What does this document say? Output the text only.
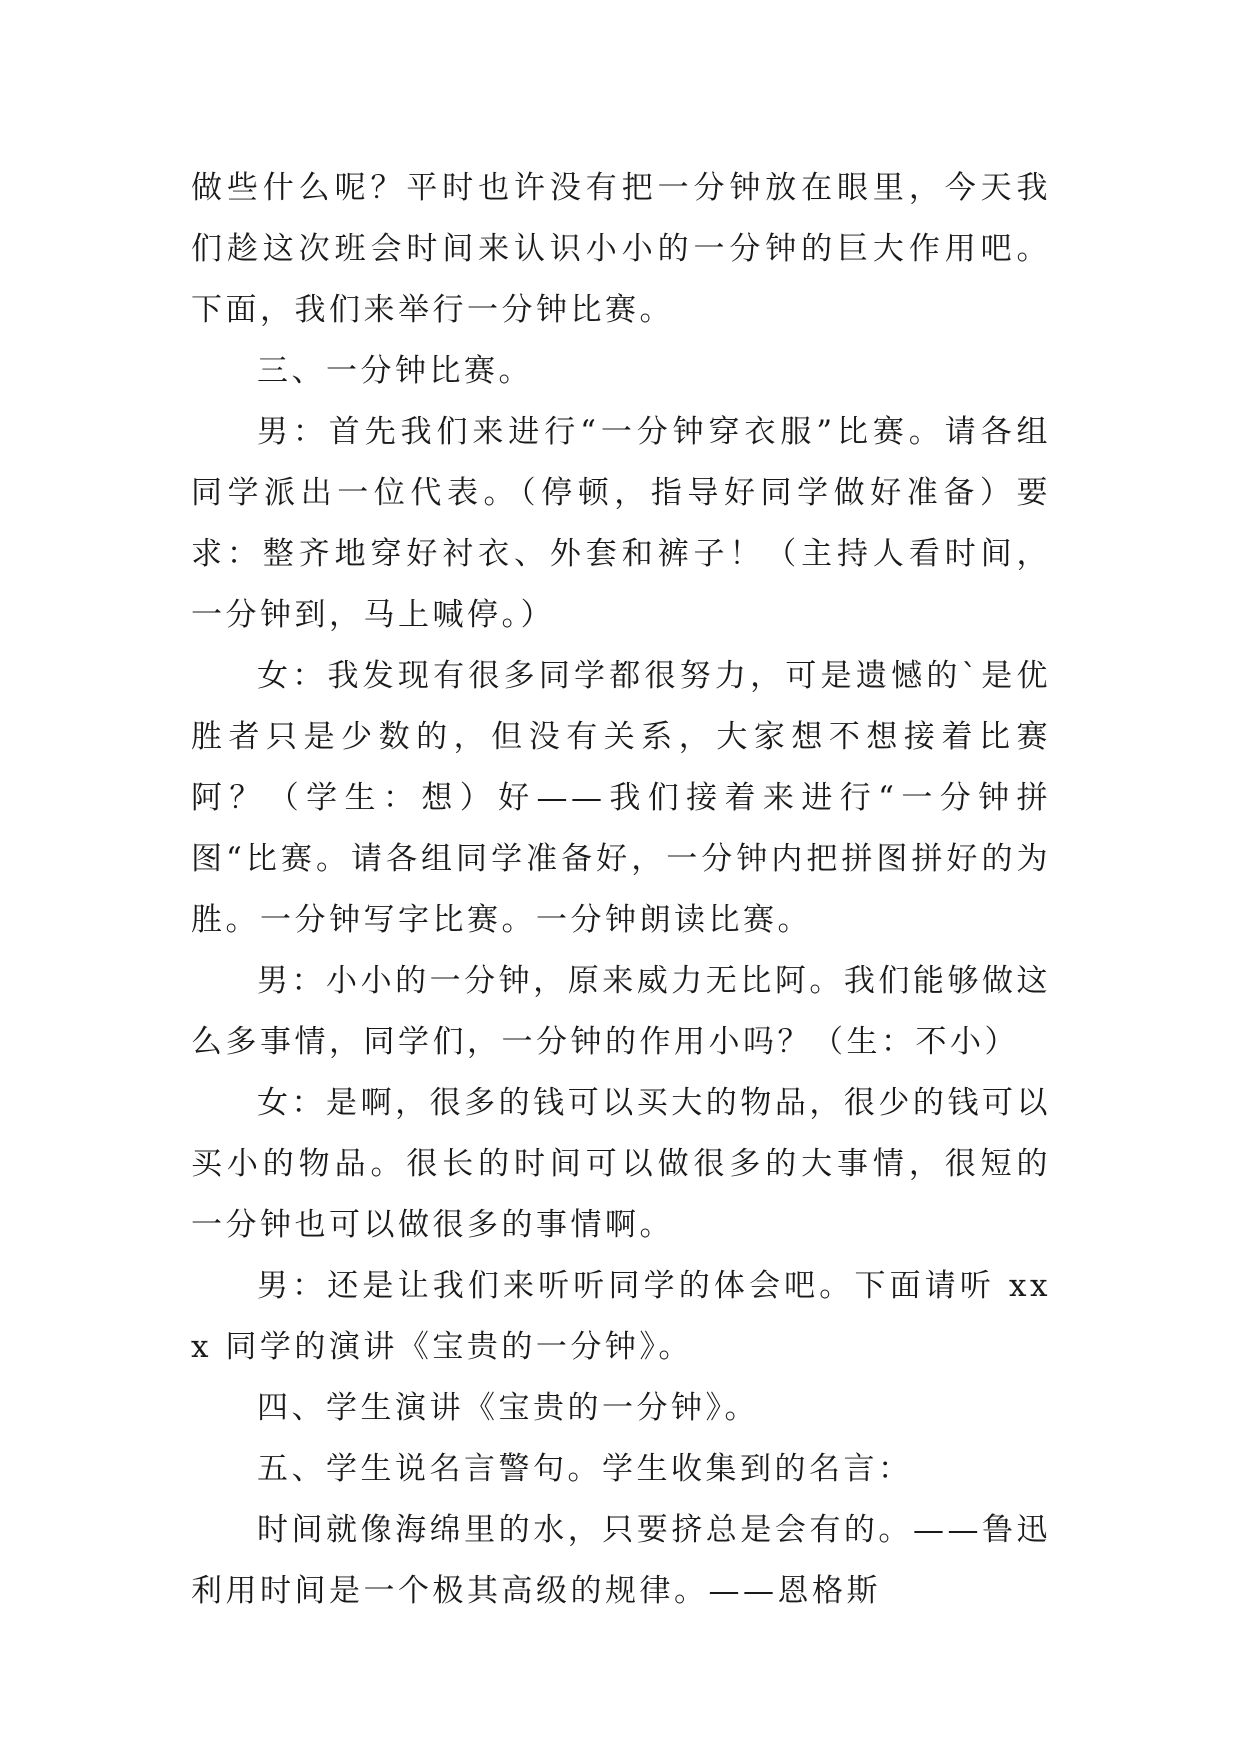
做些什么呢？平时也许没有把一分钟放在眼里，今天我们趁这次班会时间来认识小小的一分钟的巨大作用吧。下面，我们来举行一分钟比赛。

三、一分钟比赛。

男：首先我们来进行“一分钟穿衣服”比赛。请各组同学派出一位代表。（停顿，指导好同学做好准备）要求：整齐地穿好衬衣、外套和裤子！（主持人看时间，一分钟到，马上喊停。）

女：我发现有很多同学都很努力，可是遗憾的`是优胜者只是少数的，但没有关系，大家想不想接着比赛阿？（学生：想）好——我们接着来进行“一分钟拼图“比赛。请各组同学准备好，一分钟内把拼图拼好的为胜。一分钟写字比赛。一分钟朗读比赛。

男：小小的一分钟，原来威力无比阿。我们能够做这么多事情，同学们，一分钟的作用小吗？（生：不小）

女：是啊，很多的钱可以买大的物品，很少的钱可以买小的物品。很长的时间可以做很多的大事情，很短的一分钟也可以做很多的事情啊。

男：还是让我们来听听同学的体会吧。下面请听 xxx 同学的演讲《宝贵的一分钟》。

四、学生演讲《宝贵的一分钟》。

五、学生说名言警句。学生收集到的名言：

时间就像海绵里的水，只要挤总是会有的。——鲁迅利用时间是一个极其高级的规律。——恩格斯
